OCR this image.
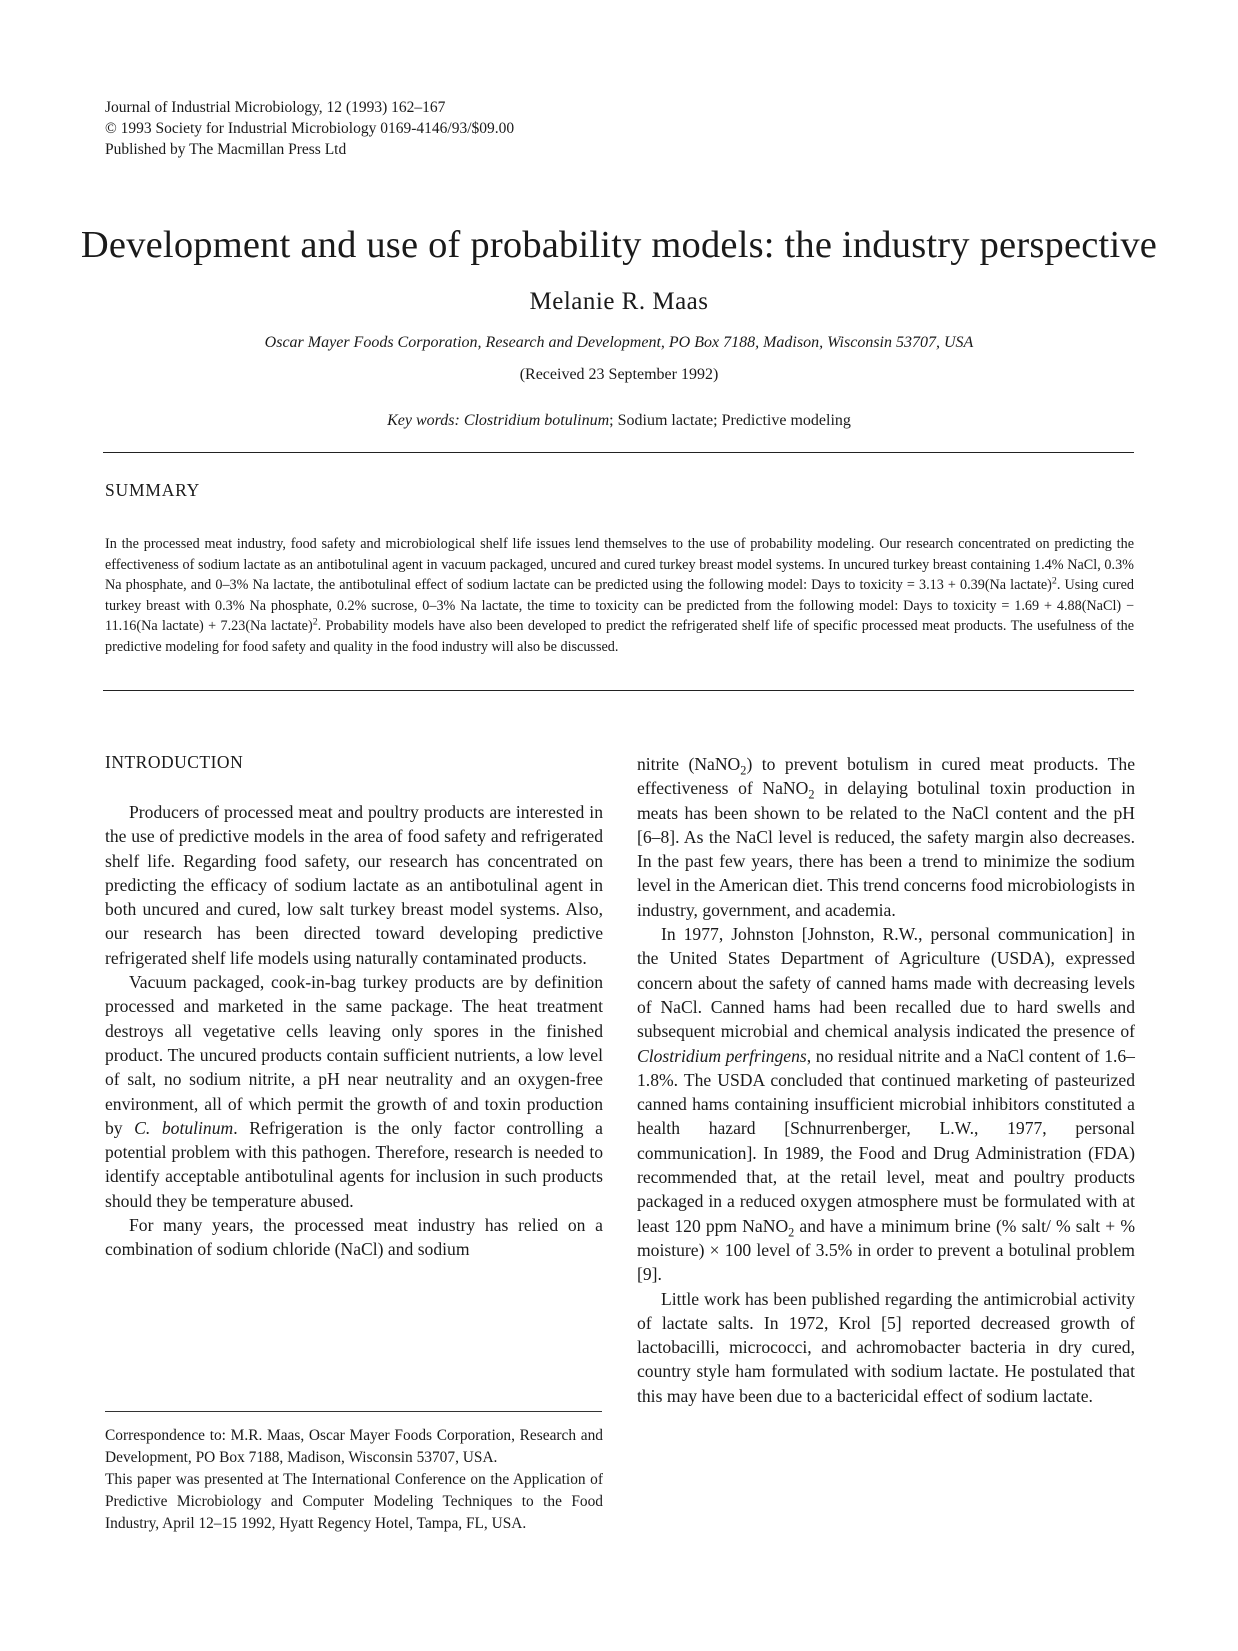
Journal of Industrial Microbiology, 12 (1993) 162–167
© 1993 Society for Industrial Microbiology 0169-4146/93/$09.00
Published by The Macmillan Press Ltd
Development and use of probability models: the industry perspective
Melanie R. Maas
Oscar Mayer Foods Corporation, Research and Development, PO Box 7188, Madison, Wisconsin 53707, USA
(Received 23 September 1992)
Key words: Clostridium botulinum; Sodium lactate; Predictive modeling
SUMMARY

In the processed meat industry, food safety and microbiological shelf life issues lend themselves to the use of probability modeling. Our research concentrated on predicting the effectiveness of sodium lactate as an antibotulinal agent in vacuum packaged, uncured and cured turkey breast model systems. In uncured turkey breast containing 1.4% NaCl, 0.3% Na phosphate, and 0–3% Na lactate, the antibotulinal effect of sodium lactate can be predicted using the following model: Days to toxicity = 3.13 + 0.39(Na lactate)$^2$. Using cured turkey breast with 0.3% Na phosphate, 0.2% sucrose, 0–3% Na lactate, the time to toxicity can be predicted from the following model: Days to toxicity = 1.69 + 4.88(NaCl) − 11.16(Na lactate) + 7.23(Na lactate)$^2$. Probability models have also been developed to predict the refrigerated shelf life of specific processed meat products. The usefulness of the predictive modeling for food safety and quality in the food industry will also be discussed.

INTRODUCTION

Producers of processed meat and poultry products are interested in the use of predictive models in the area of food safety and refrigerated shelf life. Regarding food safety, our research has concentrated on predicting the efficacy of sodium lactate as an antibotulinal agent in both uncured and cured, low salt turkey breast model systems. Also, our research has been directed toward developing predictive refrigerated shelf life models using naturally contaminated products.

Vacuum packaged, cook-in-bag turkey products are by definition processed and marketed in the same package. The heat treatment destroys all vegetative cells leaving only spores in the finished product. The uncured products contain sufficient nutrients, a low level of salt, no sodium nitrite, a pH near neutrality and an oxygen-free environment, all of which permit the growth of and toxin production by C. botulinum. Refrigeration is the only factor controlling a potential problem with this pathogen. Therefore, research is needed to identify acceptable antibotulinal agents for inclusion in such products should they be temperature abused.

For many years, the processed meat industry has relied on a combination of sodium chloride (NaCl) and sodium

nitrite (NaNO$_2$) to prevent botulism in cured meat products. The effectiveness of NaNO$_2$ in delaying botulinal toxin production in meats has been shown to be related to the NaCl content and the pH [6–8]. As the NaCl level is reduced, the safety margin also decreases. In the past few years, there has been a trend to minimize the sodium level in the American diet. This trend concerns food microbiologists in industry, government, and academia.

In 1977, Johnston [Johnston, R.W., personal communication] in the United States Department of Agriculture (USDA), expressed concern about the safety of canned hams made with decreasing levels of NaCl. Canned hams had been recalled due to hard swells and subsequent microbial and chemical analysis indicated the presence of Clostridium perfringens, no residual nitrite and a NaCl content of 1.6–1.8%. The USDA concluded that continued marketing of pasteurized canned hams containing insufficient microbial inhibitors constituted a health hazard [Schnurrenberger, L.W., 1977, personal communication]. In 1989, the Food and Drug Administration (FDA) recommended that, at the retail level, meat and poultry products packaged in a reduced oxygen atmosphere must be formulated with at least 120 ppm NaNO$_2$ and have a minimum brine (% salt/ % salt + % moisture) × 100 level of 3.5% in order to prevent a botulinal problem [9].

Little work has been published regarding the antimicrobial activity of lactate salts. In 1972, Krol [5] reported decreased growth of lactobacilli, micrococci, and achromobacter bacteria in dry cured, country style ham formulated with sodium lactate. He postulated that this may have been due to a bactericidal effect of sodium lactate.

Correspondence to: M.R. Maas, Oscar Mayer Foods Corporation, Research and Development, PO Box 7188, Madison, Wisconsin 53707, USA.

This paper was presented at The International Conference on the Application of Predictive Microbiology and Computer Modeling Techniques to the Food Industry, April 12–15 1992, Hyatt Regency Hotel, Tampa, FL, USA.
